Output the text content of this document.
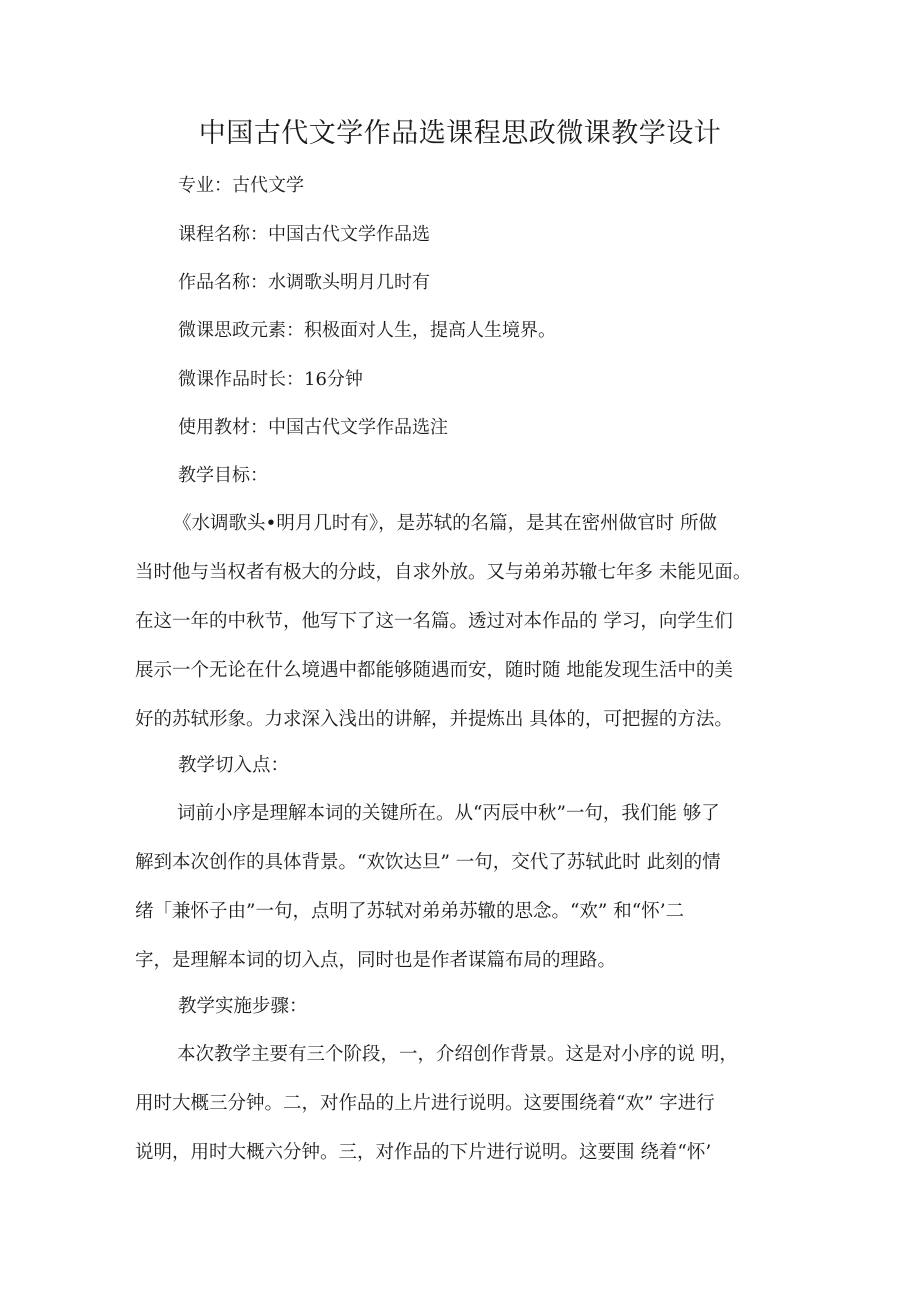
中国古代文学作品选课程思政微课教学设计
专业：古代文学
课程名称：中国古代文学作品选
作品名称：水调歌头明月几时有
微课思政元素：积极面对人生，提高人生境界。
微课作品时长：16分钟
使用教材：中国古代文学作品选注
教学目标：
《水调歌头•明月几时有》，是苏轼的名篇，是其在密州做官时 所做
当时他与当权者有极大的分歧，自求外放。又与弟弟苏辙七年多 未能见面。
在这一年的中秋节，他写下了这一名篇。透过对本作品的 学习，向学生们
展示一个无论在什么境遇中都能够随遇而安，随时随 地能发现生活中的美
好的苏轼形象。力求深入浅出的讲解，并提炼出 具体的，可把握的方法。
教学切入点：
词前小序是理解本词的关键所在。从“丙辰中秋”一句，我们能 够了
解到本次创作的具体背景。“欢饮达旦” 一句，交代了苏轼此时 此刻的情
绪「兼怀子由”一句，点明了苏轼对弟弟苏辙的思念。“欢” 和“怀’二
字，是理解本词的切入点，同时也是作者谋篇布局的理路。
教学实施步骤：
本次教学主要有三个阶段，一，介绍创作背景。这是对小序的说 明，
用时大概三分钟。二，对作品的上片进行说明。这要围绕着“欢” 字进行
说明，用时大概六分钟。三，对作品的下片进行说明。这要围 绕着“怀’
